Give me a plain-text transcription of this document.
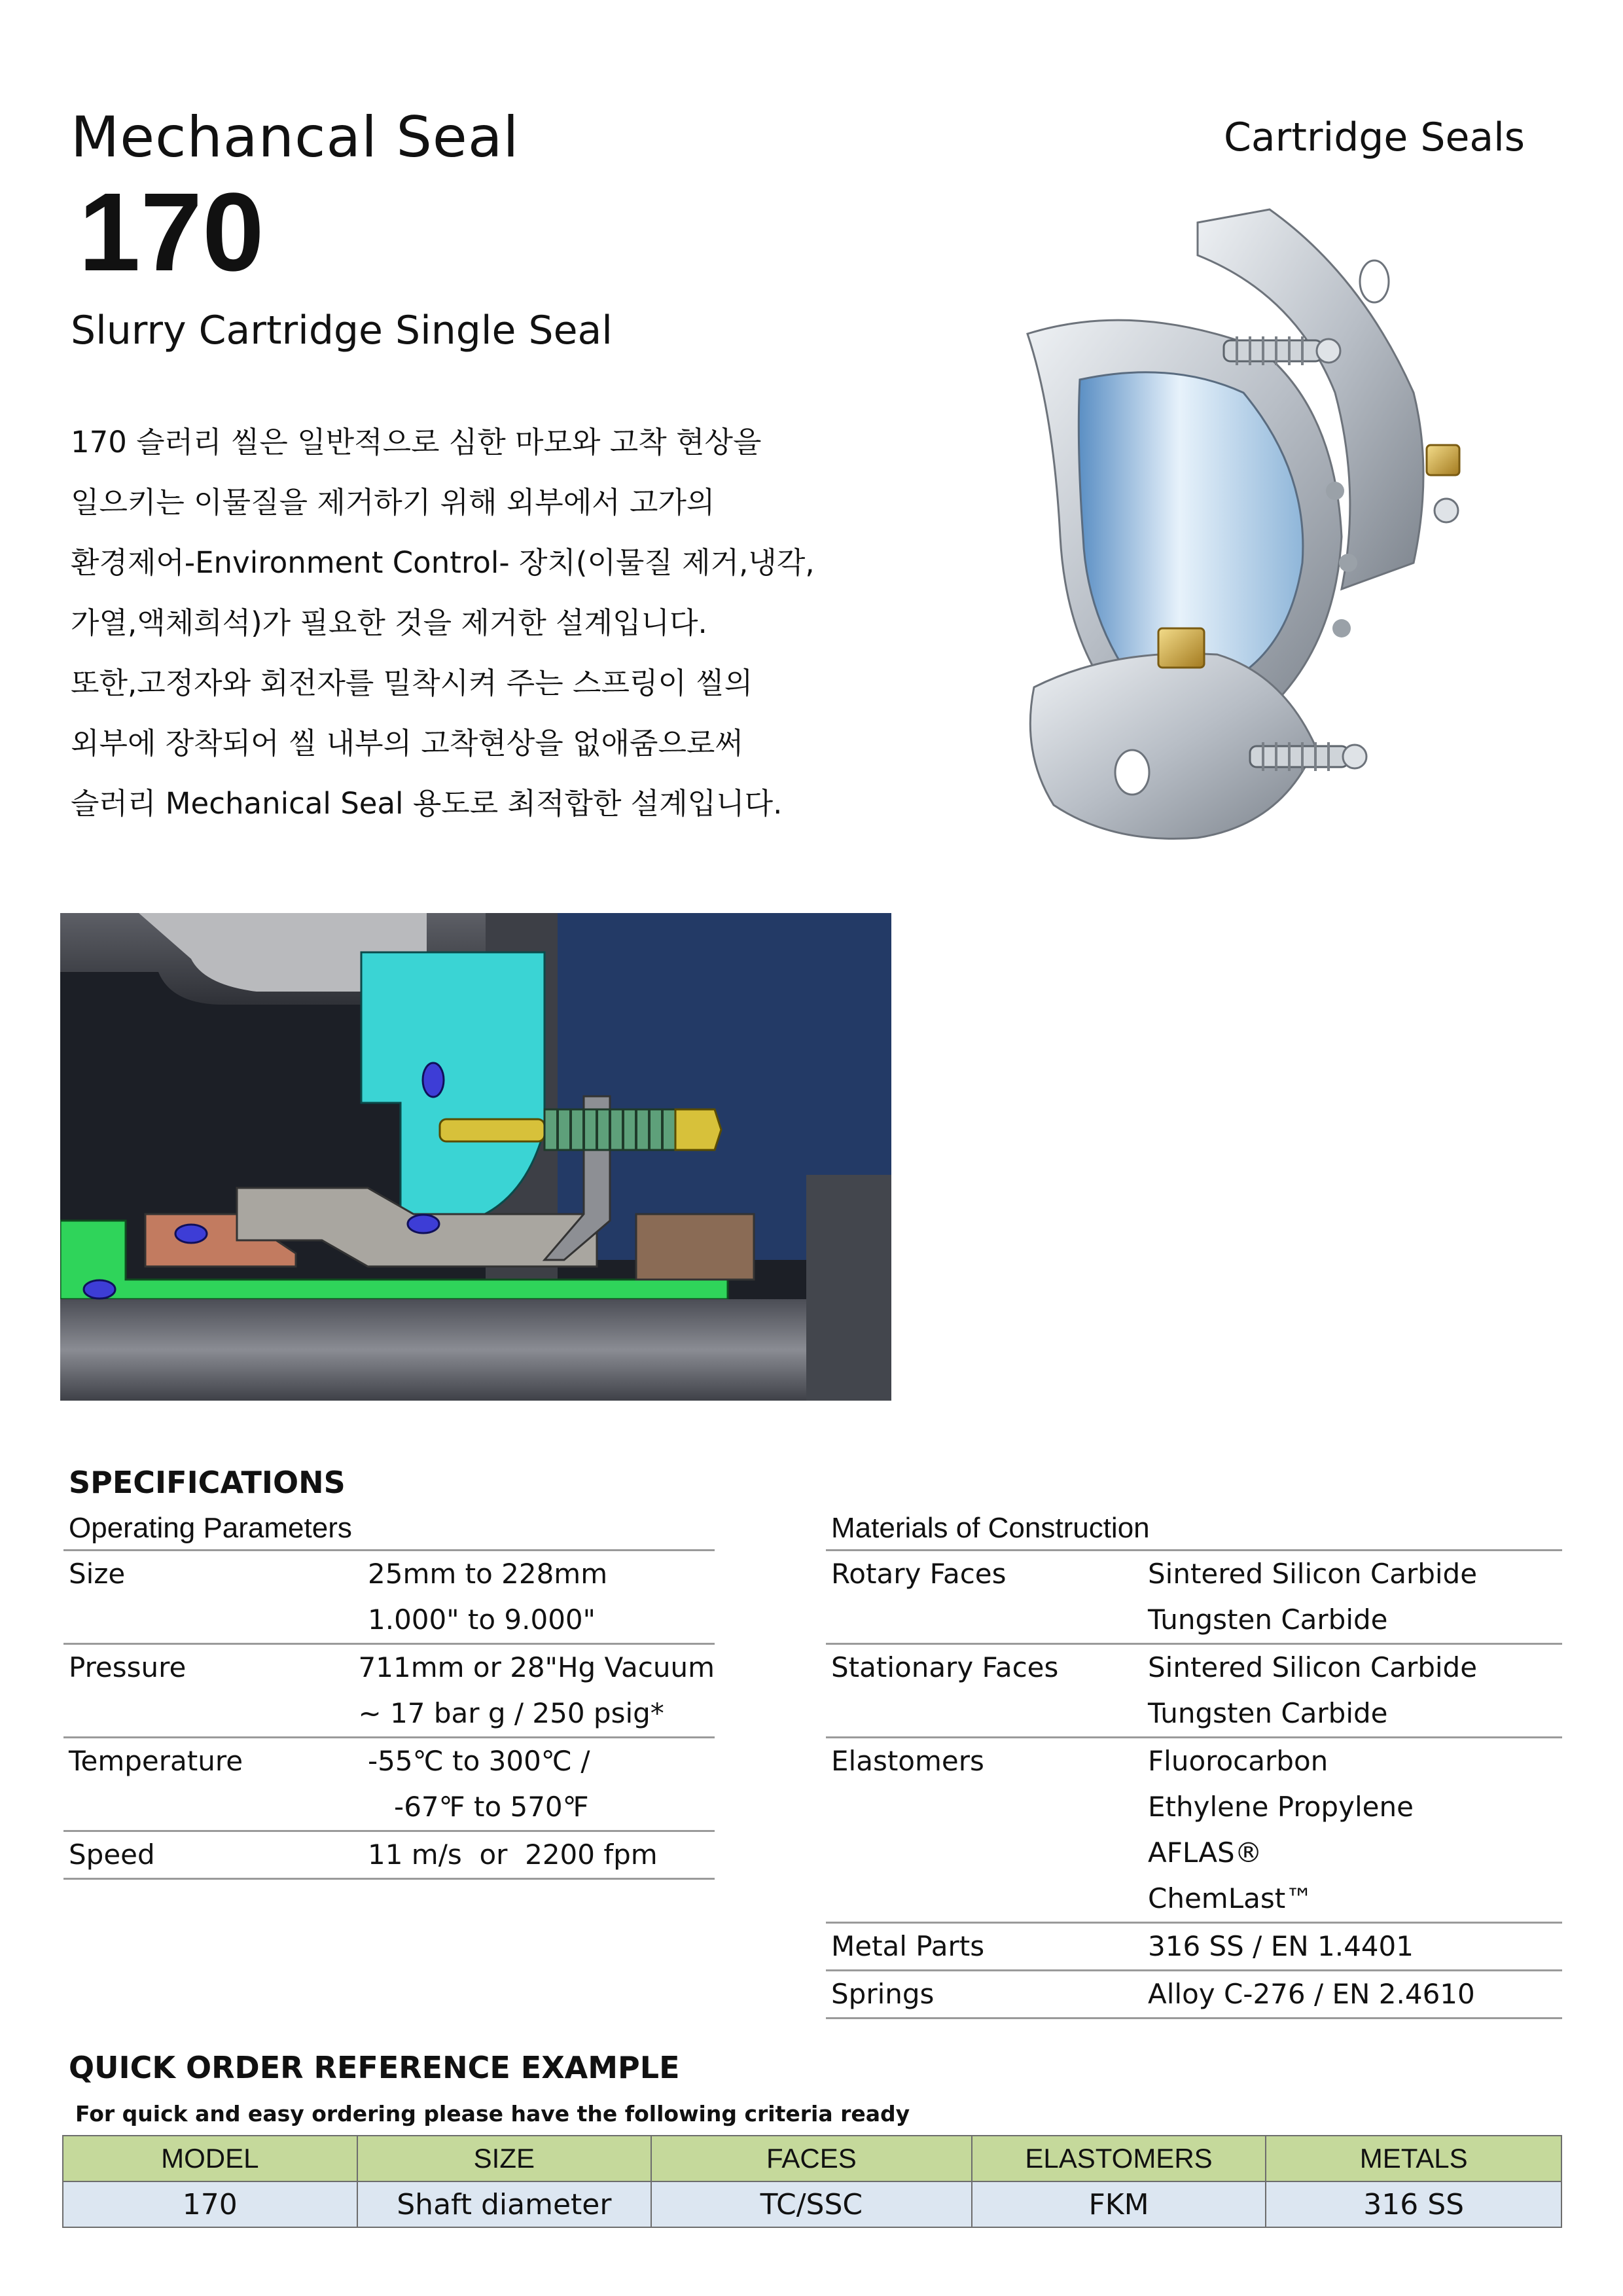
Mechancal Seal
170
Slurry Cartridge Single Seal
Cartridge Seals

170 슬러리 씰은 일반적으로 심한 마모와 고착 현상을

일으키는 이물질을 제거하기 위해 외부에서 고가의

환경제어-Environment Control- 장치(이물질 제거,냉각,

가열,액체희석)가 필요한 것을 제거한 설계입니다.

또한,고정자와 회전자를 밀착시켜 주는 스프링이 씰의

외부에 장착되어 씰 내부의 고착현상을 없애줌으로써

슬러리 Mechanical Seal 용도로 최적합한 설계입니다.

SPECIFICATIONS
Operating Parameters
Size	25mm to 228mm
1.000" to 9.000"
Pressure	711mm or 28"Hg Vacuum
~ 17 bar g / 250 psig*
Temperature	-55℃ to 300℃ /
-67℉ to 570℉
Speed	11 m/s  or  2200 fpm
Materials of Construction
Rotary Faces	Sintered Silicon Carbide
Tungsten Carbide
Stationary Faces	Sintered Silicon Carbide
Tungsten Carbide
Elastomers	Fluorocarbon
Ethylene Propylene
AFLAS®
ChemLast™
Metal Parts	316 SS / EN 1.4401
Springs	Alloy C-276 / EN 2.4610
QUICK ORDER REFERENCE EXAMPLE
For quick and easy ordering please have the following criteria ready
MODEL	SIZE	FACES	ELASTOMERS	METALS
170	Shaft diameter	TC/SSC	FKM	316 SS
